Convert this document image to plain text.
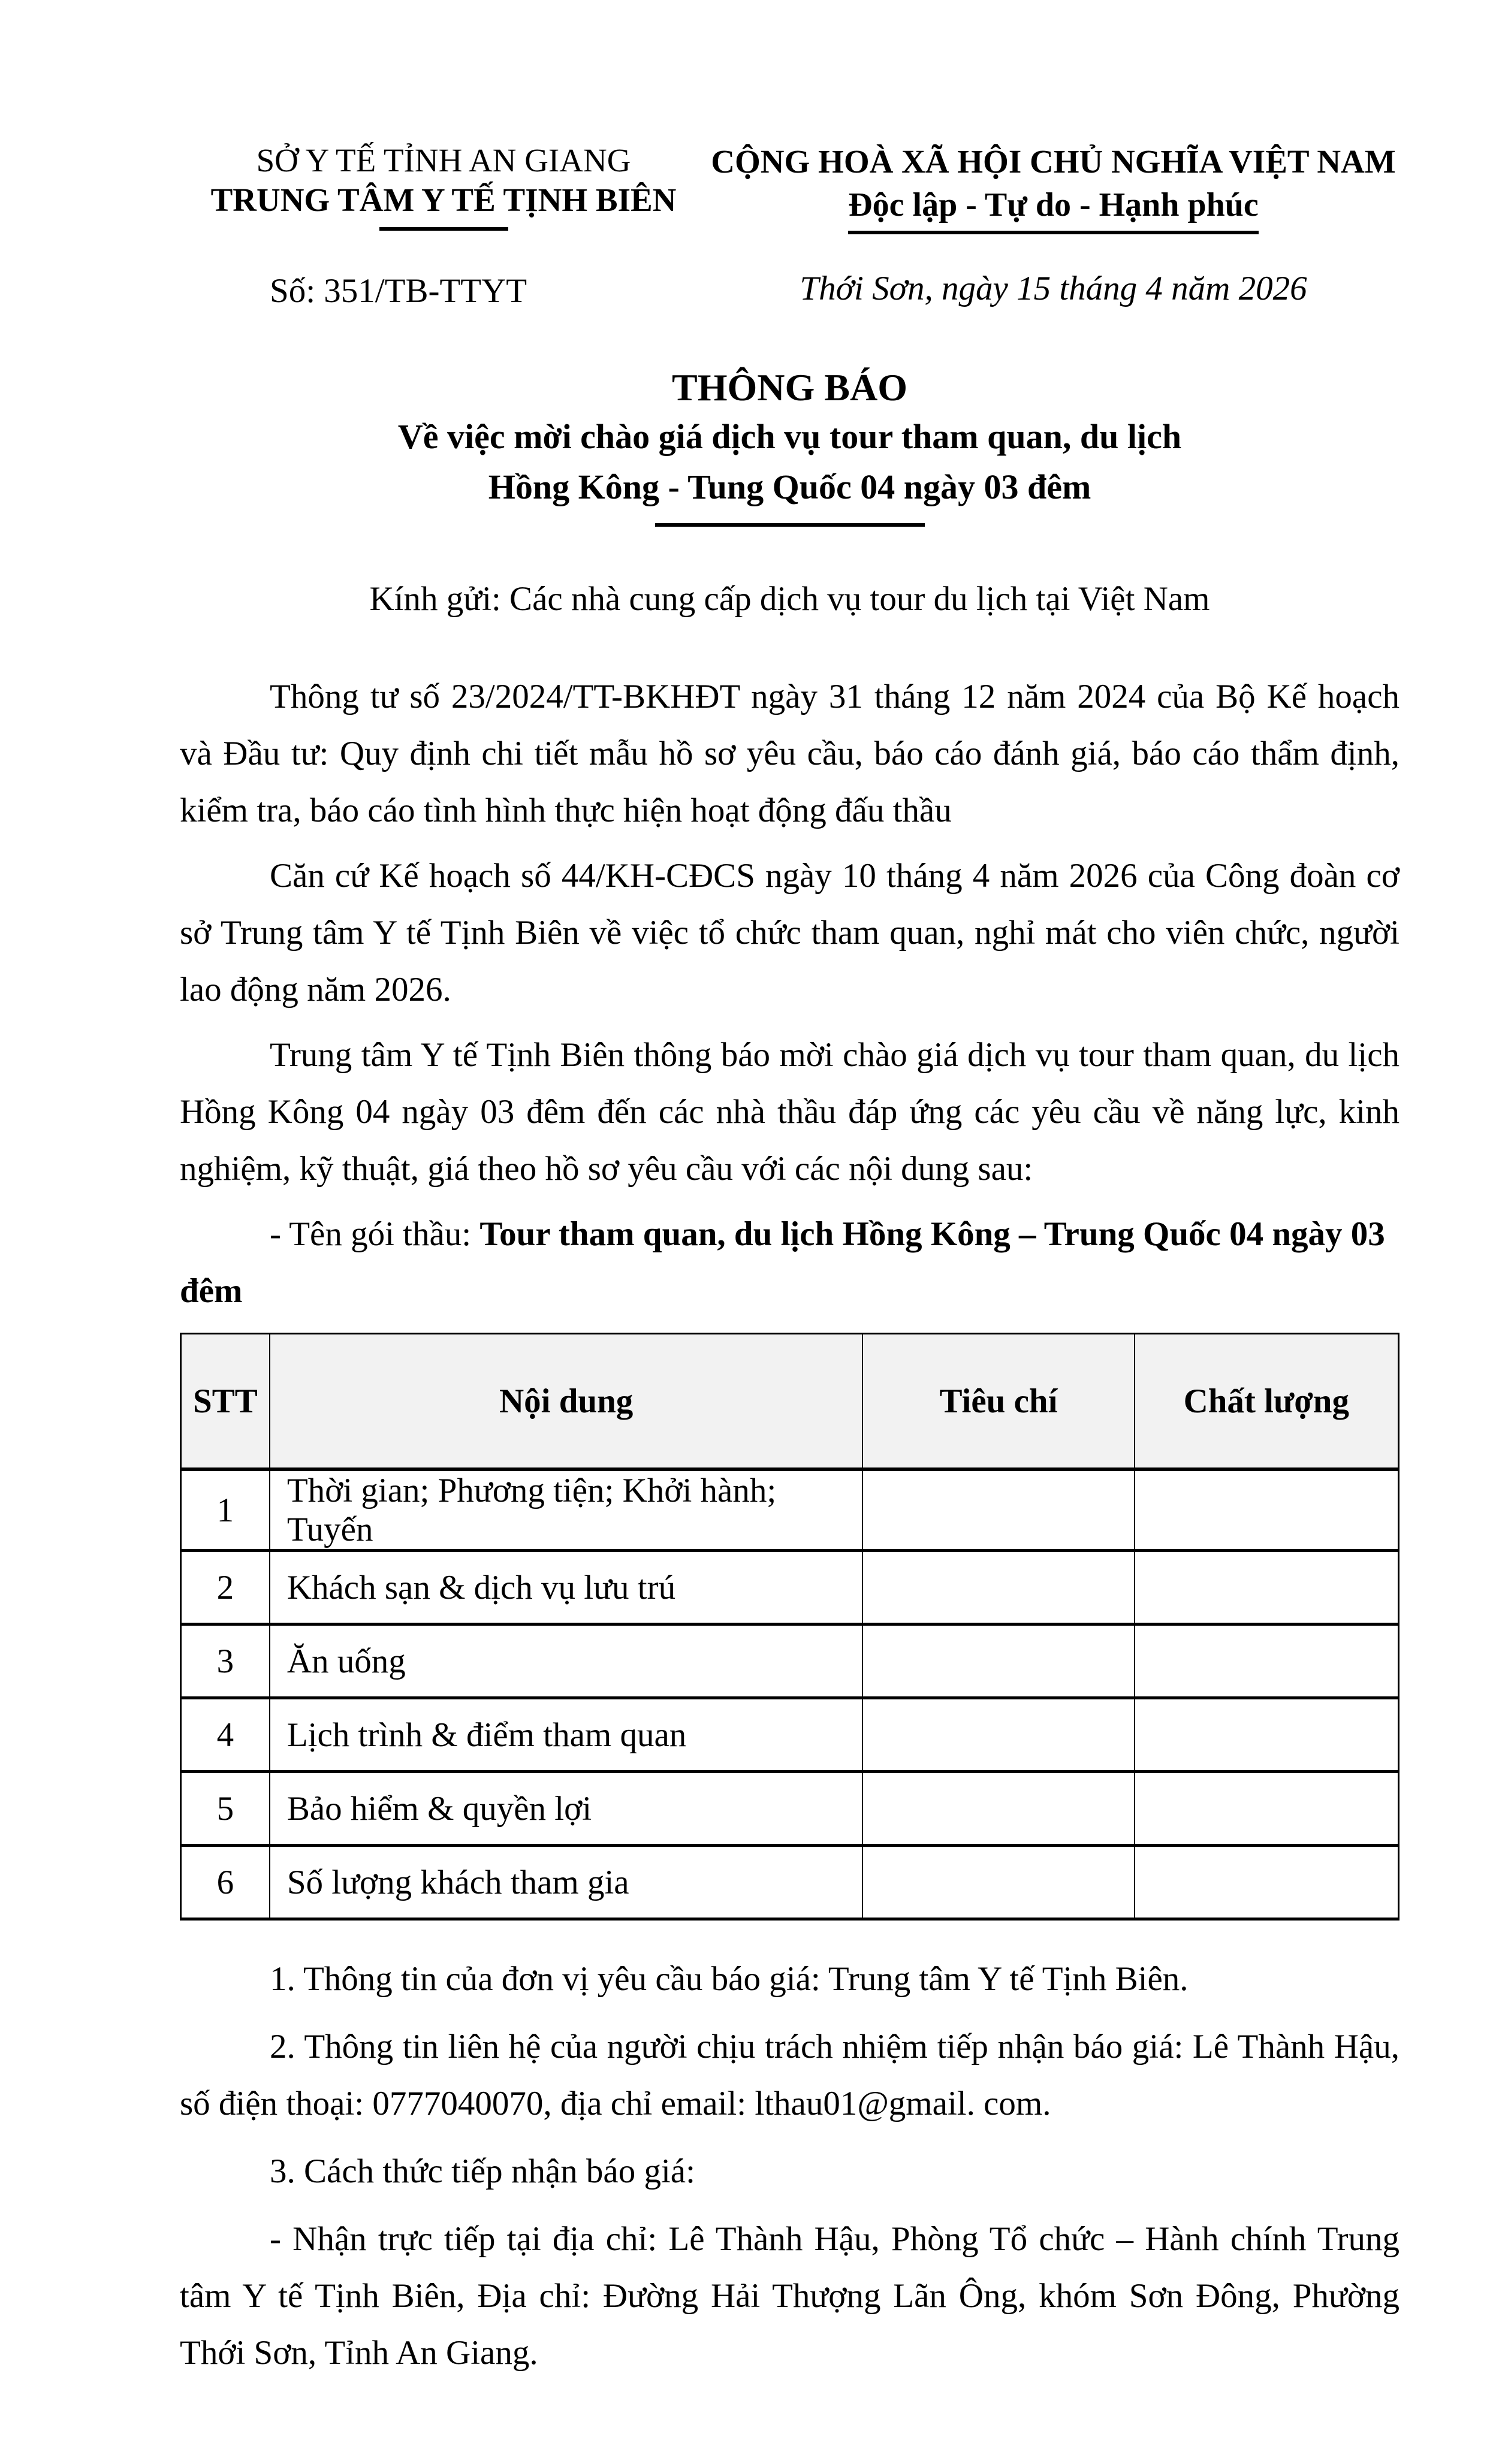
SỞ Y TẾ TỈNH AN GIANG
TRUNG TÂM Y TẾ TỊNH BIÊN
Số: 351/TB-TTYT
CỘNG HOÀ XÃ HỘI CHỦ NGHĨA VIỆT NAM
Độc lập - Tự do - Hạnh phúc
Thới Sơn, ngày 15 tháng 4 năm 2026
THÔNG BÁO
Về việc mời chào giá dịch vụ tour tham quan, du lịch
Hồng Kông - Tung Quốc 04 ngày 03 đêm
Kính gửi: Các nhà cung cấp dịch vụ tour du lịch tại Việt Nam

Thông tư số 23/2024/TT-BKHĐT ngày 31 tháng 12 năm 2024 của Bộ Kế hoạch và Đầu tư: Quy định chi tiết mẫu hồ sơ yêu cầu, báo cáo đánh giá, báo cáo thẩm định, kiểm tra, báo cáo tình hình thực hiện hoạt động đấu thầu

Căn cứ Kế hoạch số 44/KH-CĐCS ngày 10 tháng 4 năm 2026 của Công đoàn cơ sở Trung tâm Y tế Tịnh Biên về việc tổ chức tham quan, nghỉ mát cho viên chức, người lao động năm 2026.

Trung tâm Y tế Tịnh Biên thông báo mời chào giá dịch vụ tour tham quan, du lịch Hồng Kông 04 ngày 03 đêm đến các nhà thầu đáp ứng các yêu cầu về năng lực, kinh nghiệm, kỹ thuật, giá theo hồ sơ yêu cầu với các nội dung sau:

- Tên gói thầu: Tour tham quan, du lịch Hồng Kông – Trung Quốc 04 ngày 03 đêm
STT	Nội dung	Tiêu chí	Chất lượng
1	Thời gian; Phương tiện; Khởi hành; Tuyến		
2	Khách sạn & dịch vụ lưu trú		
3	Ăn uống		
4	Lịch trình & điểm tham quan		
5	Bảo hiểm & quyền lợi		
6	Số lượng khách tham gia		

1. Thông tin của đơn vị yêu cầu báo giá: Trung tâm Y tế Tịnh Biên.

2. Thông tin liên hệ của người chịu trách nhiệm tiếp nhận báo giá: Lê Thành Hậu, số điện thoại: 0777040070, địa chỉ email: lthau01@gmail. com.

3. Cách thức tiếp nhận báo giá:

- Nhận trực tiếp tại địa chỉ: Lê Thành Hậu, Phòng Tổ chức – Hành chính Trung tâm Y tế Tịnh Biên, Địa chỉ: Đường Hải Thượng Lãn Ông, khóm Sơn Đông, Phường Thới Sơn, Tỉnh An Giang.
